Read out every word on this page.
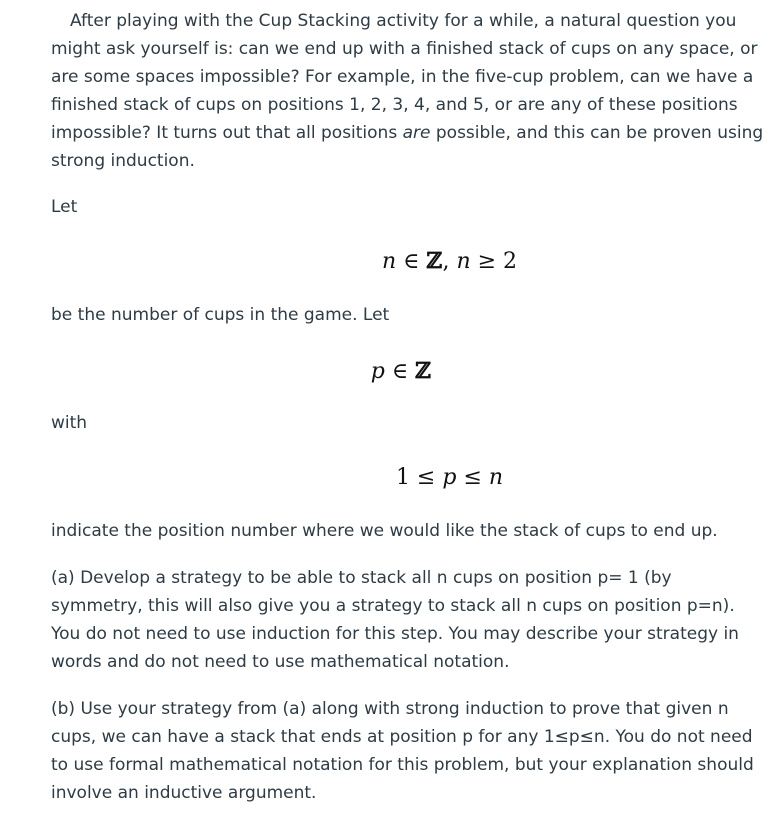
After playing with the Cup Stacking activity for a while, a natural question you might ask yourself is: can we end up with a finished stack of cups on any space, or are some spaces impossible? For example, in the five-cup problem, can we have a finished stack of cups on positions 1, 2, 3, 4, and 5, or are any of these positions impossible? It turns out that all positions are possible, and this can be proven using strong induction.

Let

n ∈ ℤ, n ≥ 2

be the number of cups in the game. Let

p ∈ ℤ

with

1 ≤ p ≤ n

indicate the position number where we would like the stack of cups to end up.

(a) Develop a strategy to be able to stack all n cups on position p= 1 (by symmetry, this will also give you a strategy to stack all n cups on position p=n). You do not need to use induction for this step. You may describe your strategy in words and do not need to use mathematical notation.

(b) Use your strategy from (a) along with strong induction to prove that given n cups, we can have a stack that ends at position p for any 1≤p≤n. You do not need to use formal mathematical notation for this problem, but your explanation should involve an inductive argument.
